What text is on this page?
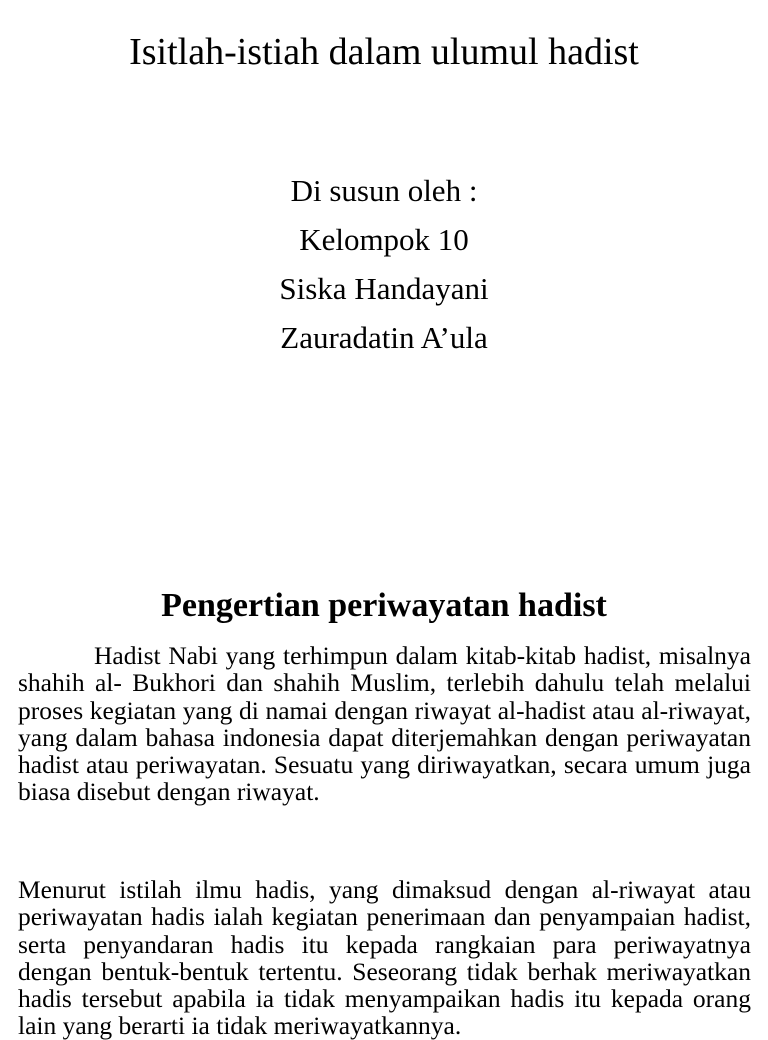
Isitlah-istiah dalam ulumul hadist
Di susun oleh :
Kelompok 10
Siska Handayani
Zauradatin A’ula
Pengertian periwayatan hadist

Hadist Nabi yang terhimpun dalam kitab-kitab hadist, misalnya shahih al- Bukhori dan shahih Muslim, terlebih dahulu telah melalui proses kegiatan yang di namai dengan riwayat al-hadist atau al-riwayat, yang dalam bahasa indonesia dapat diterjemahkan dengan periwayatan hadist atau periwayatan. Sesuatu yang diriwayatkan, secara umum juga biasa disebut dengan riwayat.

Menurut istilah ilmu hadis, yang dimaksud dengan al-riwayat atau periwayatan hadis ialah kegiatan penerimaan dan penyampaian hadist, serta penyandaran hadis itu kepada rangkaian para periwayatnya dengan bentuk-bentuk tertentu. Seseorang tidak berhak meriwayatkan hadis tersebut apabila ia tidak menyampaikan hadis itu kepada orang lain yang berarti ia tidak meriwayatkannya.
